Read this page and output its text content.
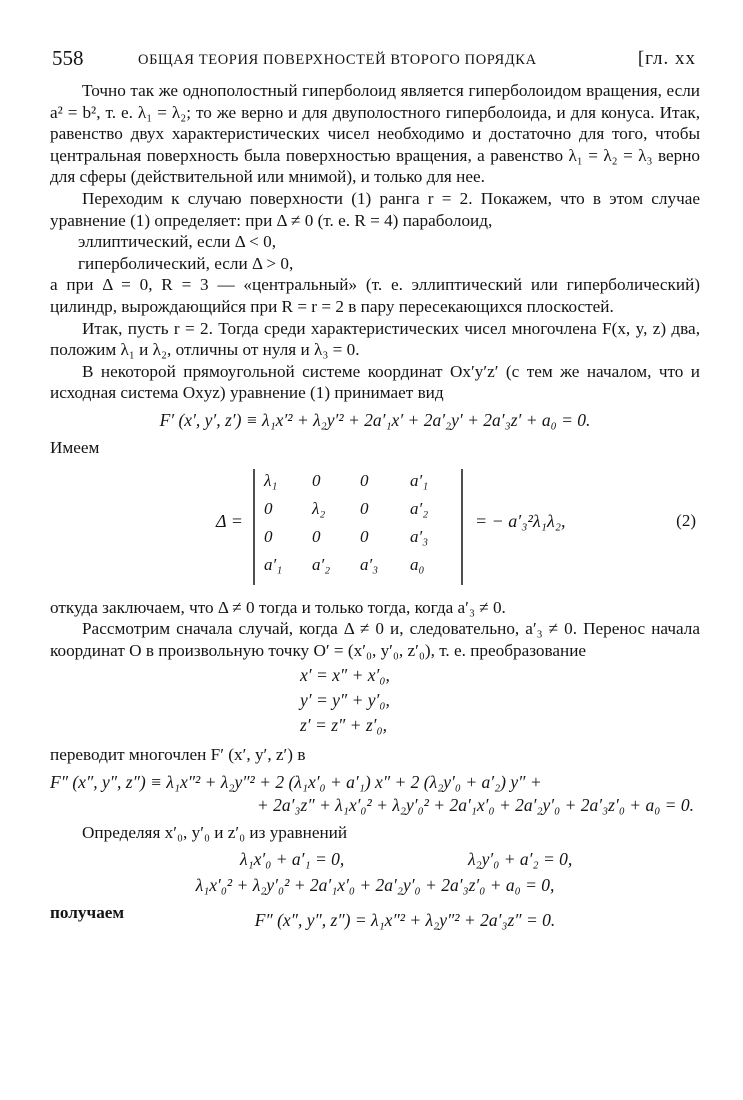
558	ОБЩАЯ ТЕОРИЯ ПОВЕРХНОСТЕЙ ВТОРОГО ПОРЯДКА	[гл. xx

Точно так же однополостный гиперболоид является гиперболоидом вращения, если a² = b², т. е. λ₁ = λ₂; то же верно и для двуполостного гиперболоида, и для конуса. Итак, равенство двух характеристических чисел необходимо и достаточно для того, чтобы центральная поверхность была поверхностью вращения, а равенство λ₁ = λ₂ = λ₃ верно для сферы (действительной или мнимой), и только для нее.

Переходим к случаю поверхности (1) ранга r = 2. Покажем, что в этом случае уравнение (1) определяет: при Δ ≠ 0 (т. е. R = 4) параболоид,

эллиптический, если Δ < 0,
гиперболический, если Δ > 0,

а при Δ = 0, R = 3 — «центральный» (т. е. эллиптический или гиперболический) цилиндр, вырождающийся при R = r = 2 в пару пересекающихся плоскостей.

Итак, пусть r = 2. Тогда среди характеристических чисел многочлена F(x, y, z) два, положим λ₁ и λ₂, отличны от нуля и λ₃ = 0.

В некоторой прямоугольной системе координат Ox′y′z′ (с тем же началом, что и исходная система Oxyz) уравнение (1) принимает вид

F′ (x′, y′, z′) ≡ λ₁x′² + λ₂y′² + 2a′₁x′ + 2a′₂y′ + 2a′₃z′ + a₀ = 0.

Имеем

Δ =
λ₁ 0 0 a′₁
0 λ₂ 0 a′₂
0 0 0 a′₃
a′₁ a′₂ a′₃ a₀
= − a′₃²λ₁λ₂,	(2)

откуда заключаем, что Δ ≠ 0 тогда и только тогда, когда a′₃ ≠ 0.

Рассмотрим сначала случай, когда Δ ≠ 0 и, следовательно, a′₃ ≠ 0. Перенос начала координат O в произвольную точку O′ = (x′₀, y′₀, z′₀), т. е. преобразование

x′ = x″ + x′₀,
y′ = y″ + y′₀,
z′ = z″ + z′₀,

переводит многочлен F′ (x′, y′, z′) в

F″ (x″, y″, z″) ≡ λ₁x″² + λ₂y″² + 2 (λ₁x′₀ + a′₁) x″ + 2 (λ₂y′₀ + a′₂) y″ +
+ 2a′₃z″ + λ₁x′₀² + λ₂y′₀² + 2a′₁x′₀ + 2a′₂y′₀ + 2a′₃z′₀ + a₀ = 0.

Определяя x′₀, y′₀ и z′₀ из уравнений

λ₁x′₀ + a′₁ = 0,	λ₂y′₀ + a′₂ = 0,
λ₁x′₀² + λ₂y′₀² + 2a′₁x′₀ + 2a′₂y′₀ + 2a′₃z′₀ + a₀ = 0,

получаем	F″ (x″, y″, z″) = λ₁x″² + λ₂y″² + 2a′₃z″ = 0.
